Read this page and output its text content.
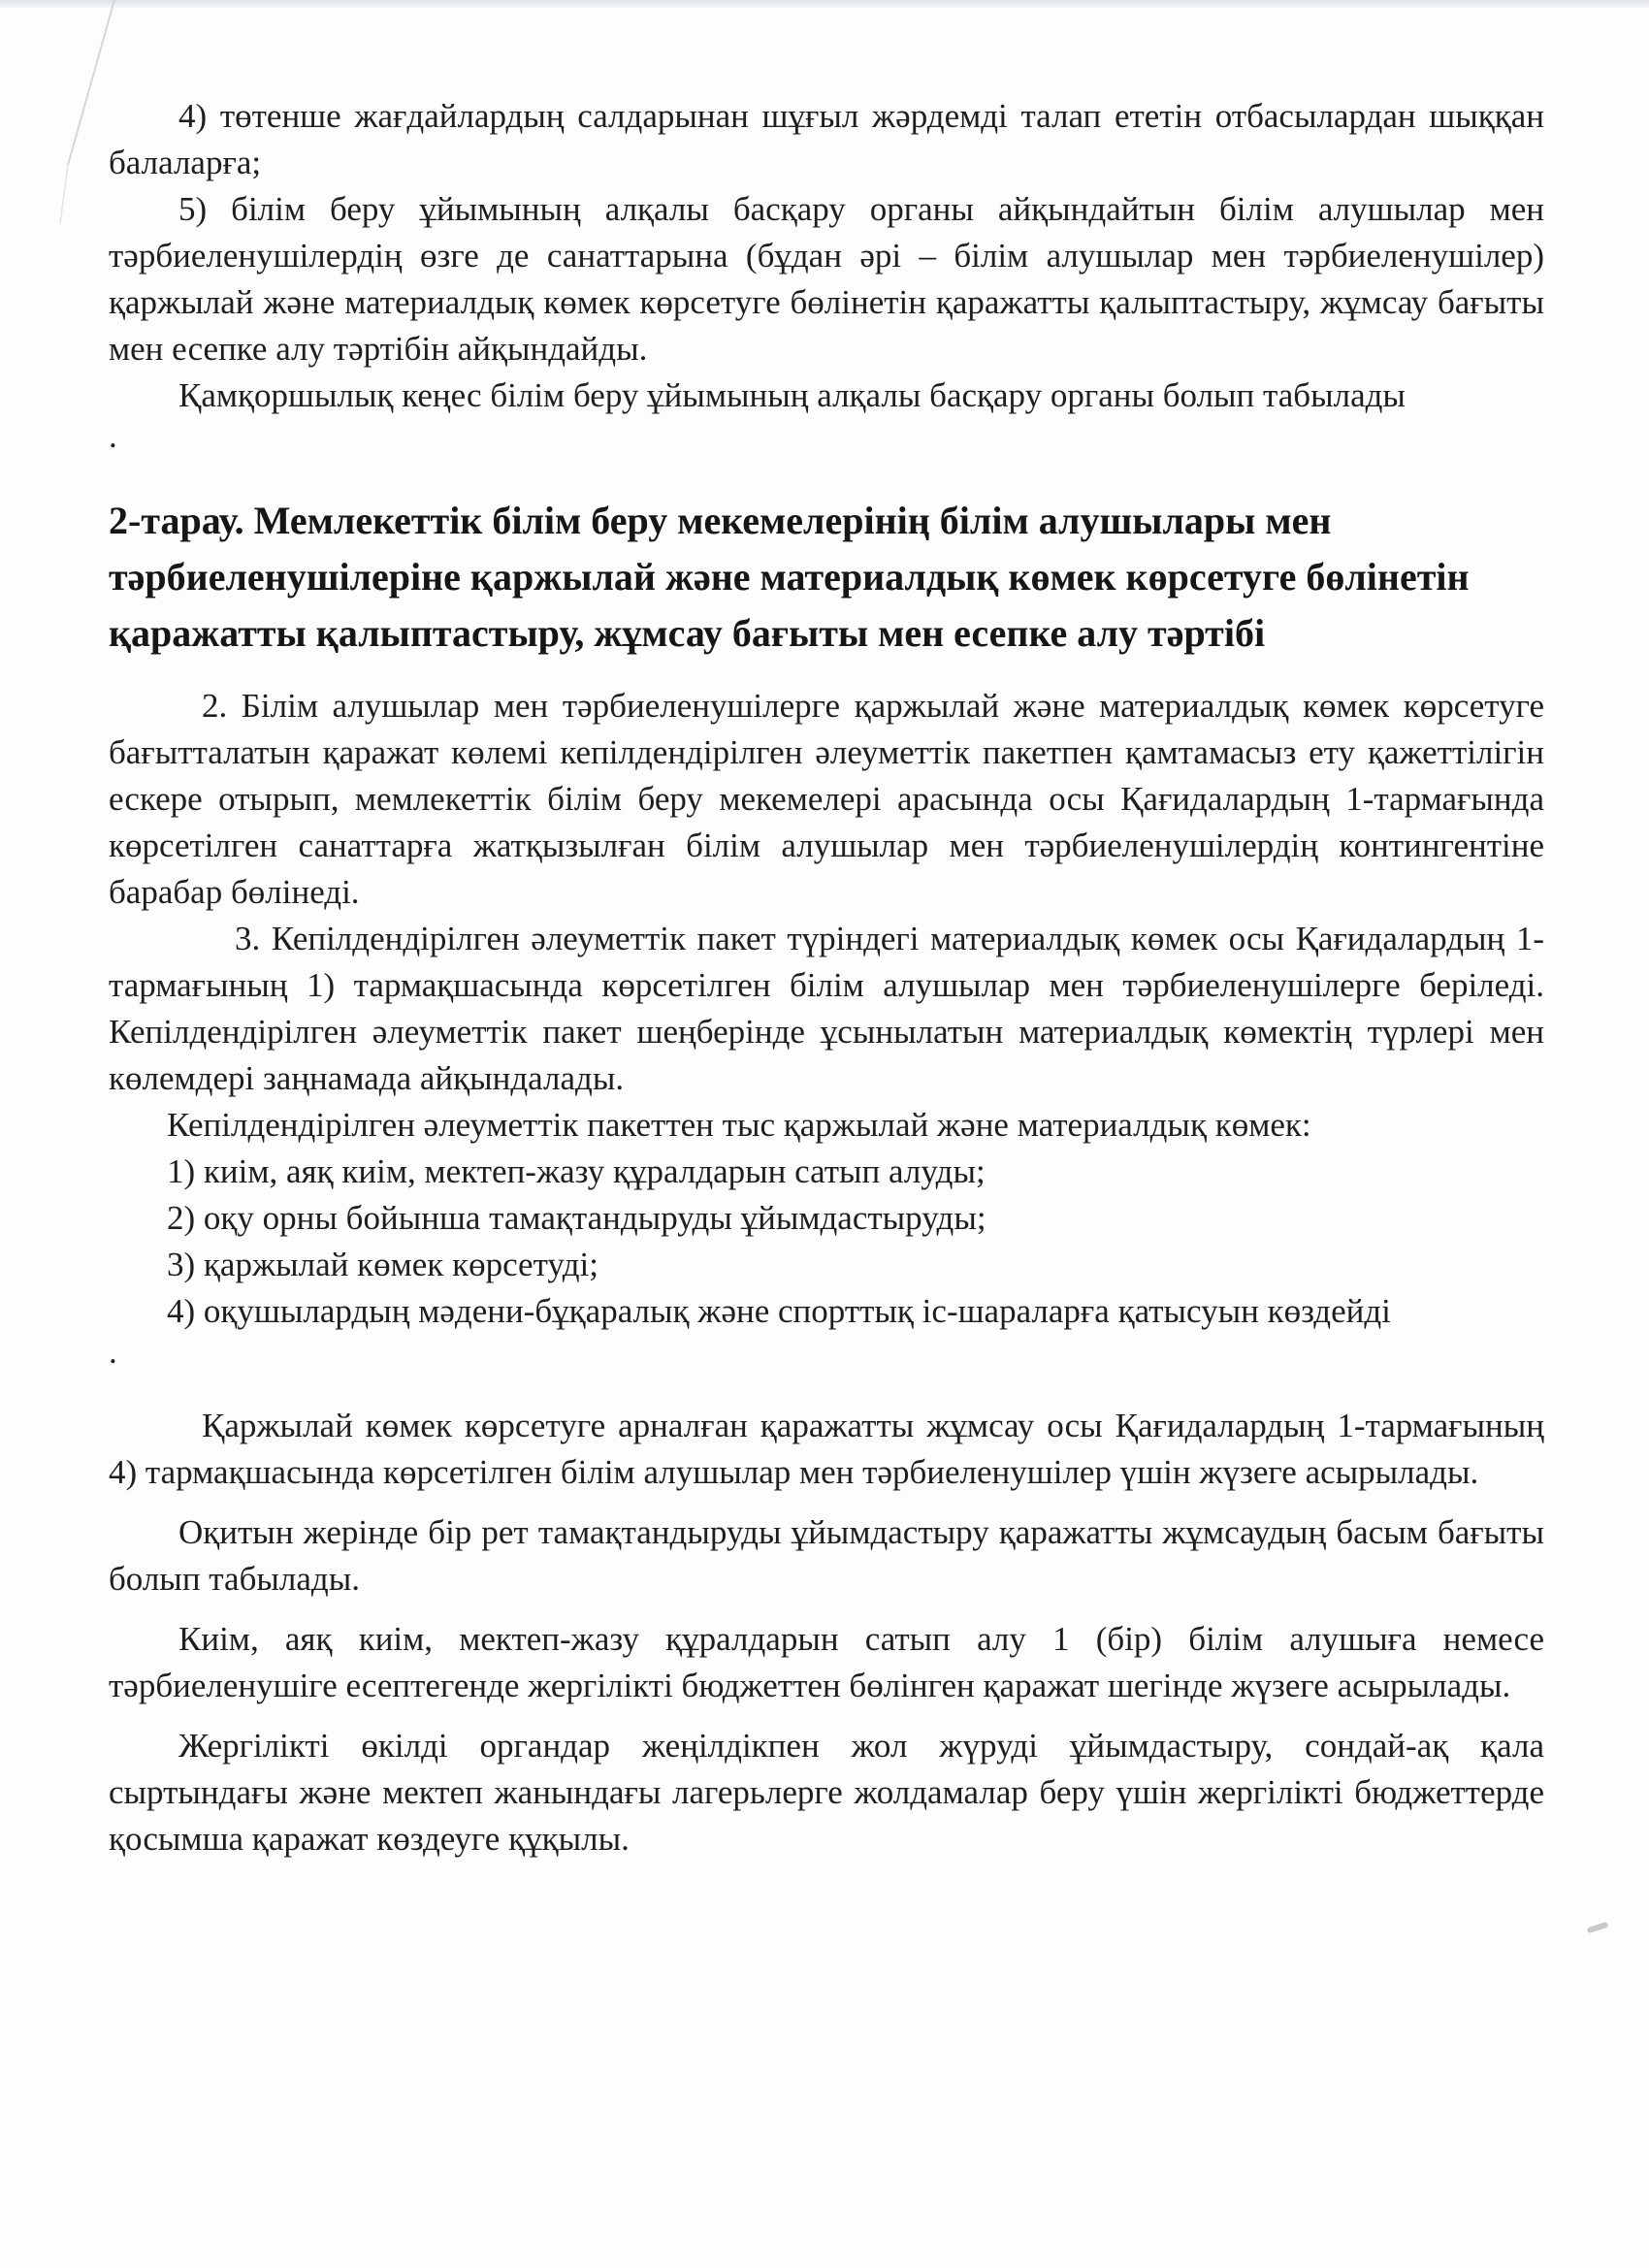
4) төтенше жағдайлардың салдарынан шұғыл жәрдемді талап ететін отбасылардан шыққан балаларға;

5) білім беру ұйымының алқалы басқару органы айқындайтын білім алушылар мен тәрбиеленушілердің өзге де санаттарына (бұдан әрі – білім алушылар мен тәрбиеленушілер) қаржылай және материалдық көмек көрсетуге бөлінетін қаражатты қалыптастыру, жұмсау бағыты мен есепке алу тәртібін айқындайды.

Қамқоршылық кеңес білім беру ұйымының алқалы басқару органы болып табылады

.

2-тарау. Мемлекеттік білім беру мекемелерінің білім алушылары мен тәрбиеленушілеріне қаржылай және материалдық көмек көрсетуге бөлінетін қаражатты қалыптастыру, жұмсау бағыты мен есепке алу тәртібі

2. Білім алушылар мен тәрбиеленушілерге қаржылай және материалдық көмек көрсетуге бағытталатын қаражат көлемі кепілдендірілген әлеуметтік пакетпен қамтамасыз ету қажеттілігін ескере отырып, мемлекеттік білім беру мекемелері арасында осы Қағидалардың 1-тармағында көрсетілген санаттарға жатқызылған білім алушылар мен тәрбиеленушілердің контингентіне барабар бөлінеді.

3. Кепілдендірілген әлеуметтік пакет түріндегі материалдық көмек осы Қағидалардың 1-тармағының 1) тармақшасында көрсетілген білім алушылар мен тәрбиеленушілерге беріледі. Кепілдендірілген әлеуметтік пакет шеңберінде ұсынылатын материалдық көмектің түрлері мен көлемдері заңнамада айқындалады.

Кепілдендірілген әлеуметтік пакеттен тыс қаржылай және материалдық көмек:

1) киім, аяқ киім, мектеп-жазу құралдарын сатып алуды;

2) оқу орны бойынша тамақтандыруды ұйымдастыруды;

3) қаржылай көмек көрсетуді;

4) оқушылардың мәдени-бұқаралық және спорттық іс-шараларға қатысуын көздейді

.

Қаржылай көмек көрсетуге арналған қаражатты жұмсау осы Қағидалардың 1-тармағының 4) тармақшасында көрсетілген білім алушылар мен тәрбиеленушілер үшін жүзеге асырылады.

Оқитын жерінде бір рет тамақтандыруды ұйымдастыру қаражатты жұмсаудың басым бағыты болып табылады.

Киім, аяқ киім, мектеп-жазу құралдарын сатып алу 1 (бір) білім алушыға немесе тәрбиеленушіге есептегенде жергілікті бюджеттен бөлінген қаражат шегінде жүзеге асырылады.

Жергілікті өкілді органдар жеңілдікпен жол жүруді ұйымдастыру, сондай-ақ қала сыртындағы және мектеп жанындағы лагерьлерге жолдамалар беру үшін жергілікті бюджеттерде қосымша қаражат көздеуге құқылы.
